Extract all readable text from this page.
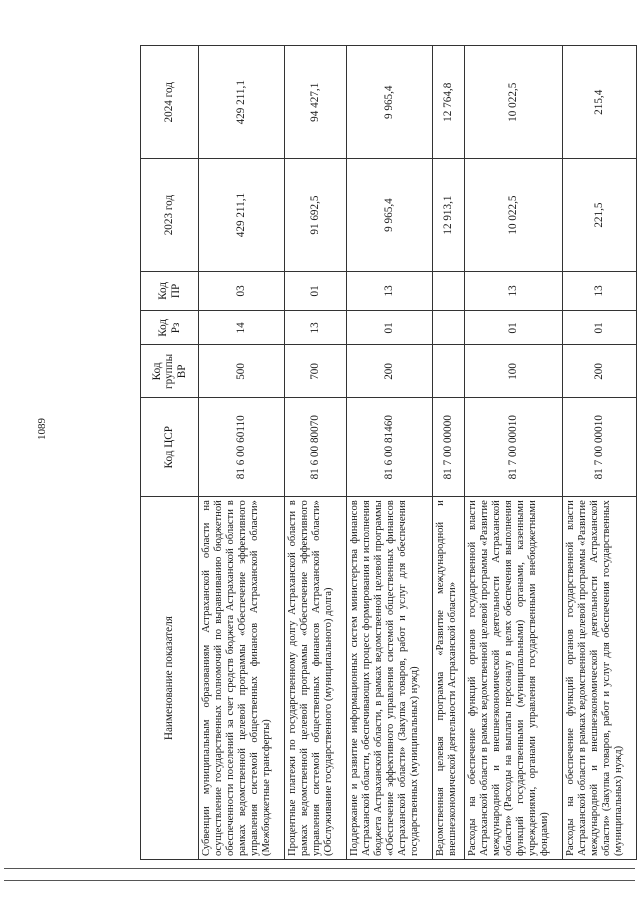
1089
Наименование показателя	Код ЦСР	Код группы ВР	Код Рз	Код ПР	2023 год	2024 год
Субвенции муниципальным образованиям Астраханской области на осуществление государственных полномочий по выравниванию бюджетной обеспеченности поселений за счет средств бюджета Астраханской области в рамках ведомственной целевой программы «Обеспечение эффективного управления системой общественных финансов Астраханской области» (Межбюджетные трансферты)	81 6 00 60110	500	14	03	429 211,1	429 211,1
Процентные платежи по государственному долгу Астраханской области в рамках ведомственной целевой программы «Обеспечение эффективного управления системой общественных финансов Астраханской области» (Обслуживание государственного (муниципального) долга)	81 6 00 80070	700	13	01	91 692,5	94 427,1
Поддержание и развитие информационных систем министерства финансов Астраханской области, обеспечивающих процесс формирования и исполнения бюджета Астраханской области, в рамках ведомственной целевой программы «Обеспечение эффективного управления системой общественных финансов Астраханской области» (Закупка товаров, работ и услуг для обеспечения государственных (муниципальных) нужд)	81 6 00 81460	200	01	13	9 965,4	9 965,4
Ведомственная целевая программа «Развитие международной и внешнеэкономической деятельности Астраханской области»	81 7 00 00000				12 913,1	12 764,8
Расходы на обеспечение функций органов государственной власти Астраханской области в рамках ведомственной целевой программы «Развитие международной и внешнеэкономической деятельности Астраханской области» (Расходы на выплаты персоналу в целях обеспечения выполнения функций государственными (муниципальными) органами, казенными учреждениями, органами управления государственными внебюджетными фондами)	81 7 00 00010	100	01	13	10 022,5	10 022,5
Расходы на обеспечение функций органов государственной власти Астраханской области в рамках ведомственной целевой программы «Развитие международной и внешнеэкономической деятельности Астраханской области» (Закупка товаров, работ и услуг для обеспечения государственных (муниципальных) нужд)	81 7 00 00010	200	01	13	221,5	215,4
